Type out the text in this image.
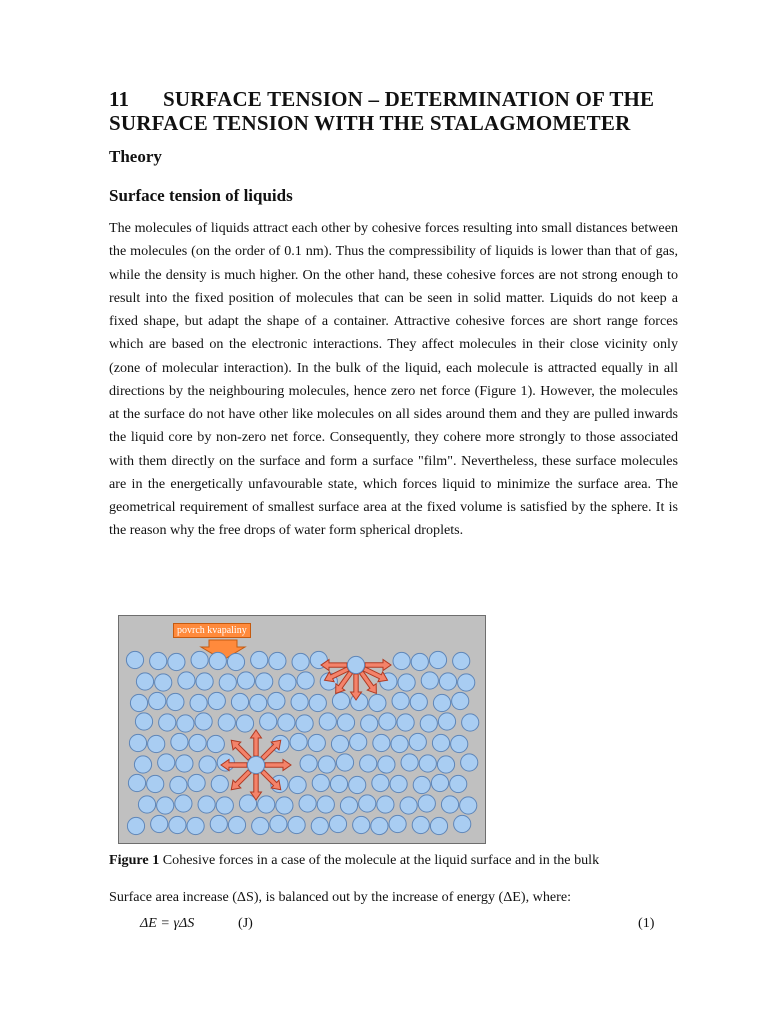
11 SURFACE TENSION – DETERMINATION OF THE
SURFACE TENSION WITH THE STALAGMOMETER
Theory
Surface tension of liquids
The molecules of liquids attract each other by cohesive forces resulting into small distances between the molecules (on the order of 0.1 nm). Thus the compressibility of liquids is lower than that of gas, while the density is much higher. On the other hand, these cohesive forces are not strong enough to result into the fixed position of molecules that can be seen in solid matter. Liquids do not keep a fixed shape, but adapt the shape of a container. Attractive cohesive forces are short range forces which are based on the electronic interactions. They affect molecules in their close vicinity only (zone of molecular interaction). In the bulk of the liquid, each molecule is attracted equally in all directions by the neighbouring molecules, hence zero net force (Figure 1). However, the molecules at the surface do not have other like molecules on all sides around them and they are pulled inwards the liquid core by non-zero net force. Consequently, they cohere more strongly to those associated with them directly on the surface and form a surface "film". Nevertheless, these surface molecules are in the energetically unfavourable state, which forces liquid to minimize the surface area. The geometrical requirement of smallest surface area at the fixed volume is satisfied by the sphere. It is the reason why the free drops of water form spherical droplets.
povrch kvapaliny
Figure 1 Cohesive forces in a case of the molecule at the liquid surface and in the bulk
Surface area increase (ΔS), is balanced out by the increase of energy (ΔE), where:
ΔE = γΔS	(J)	(1)
